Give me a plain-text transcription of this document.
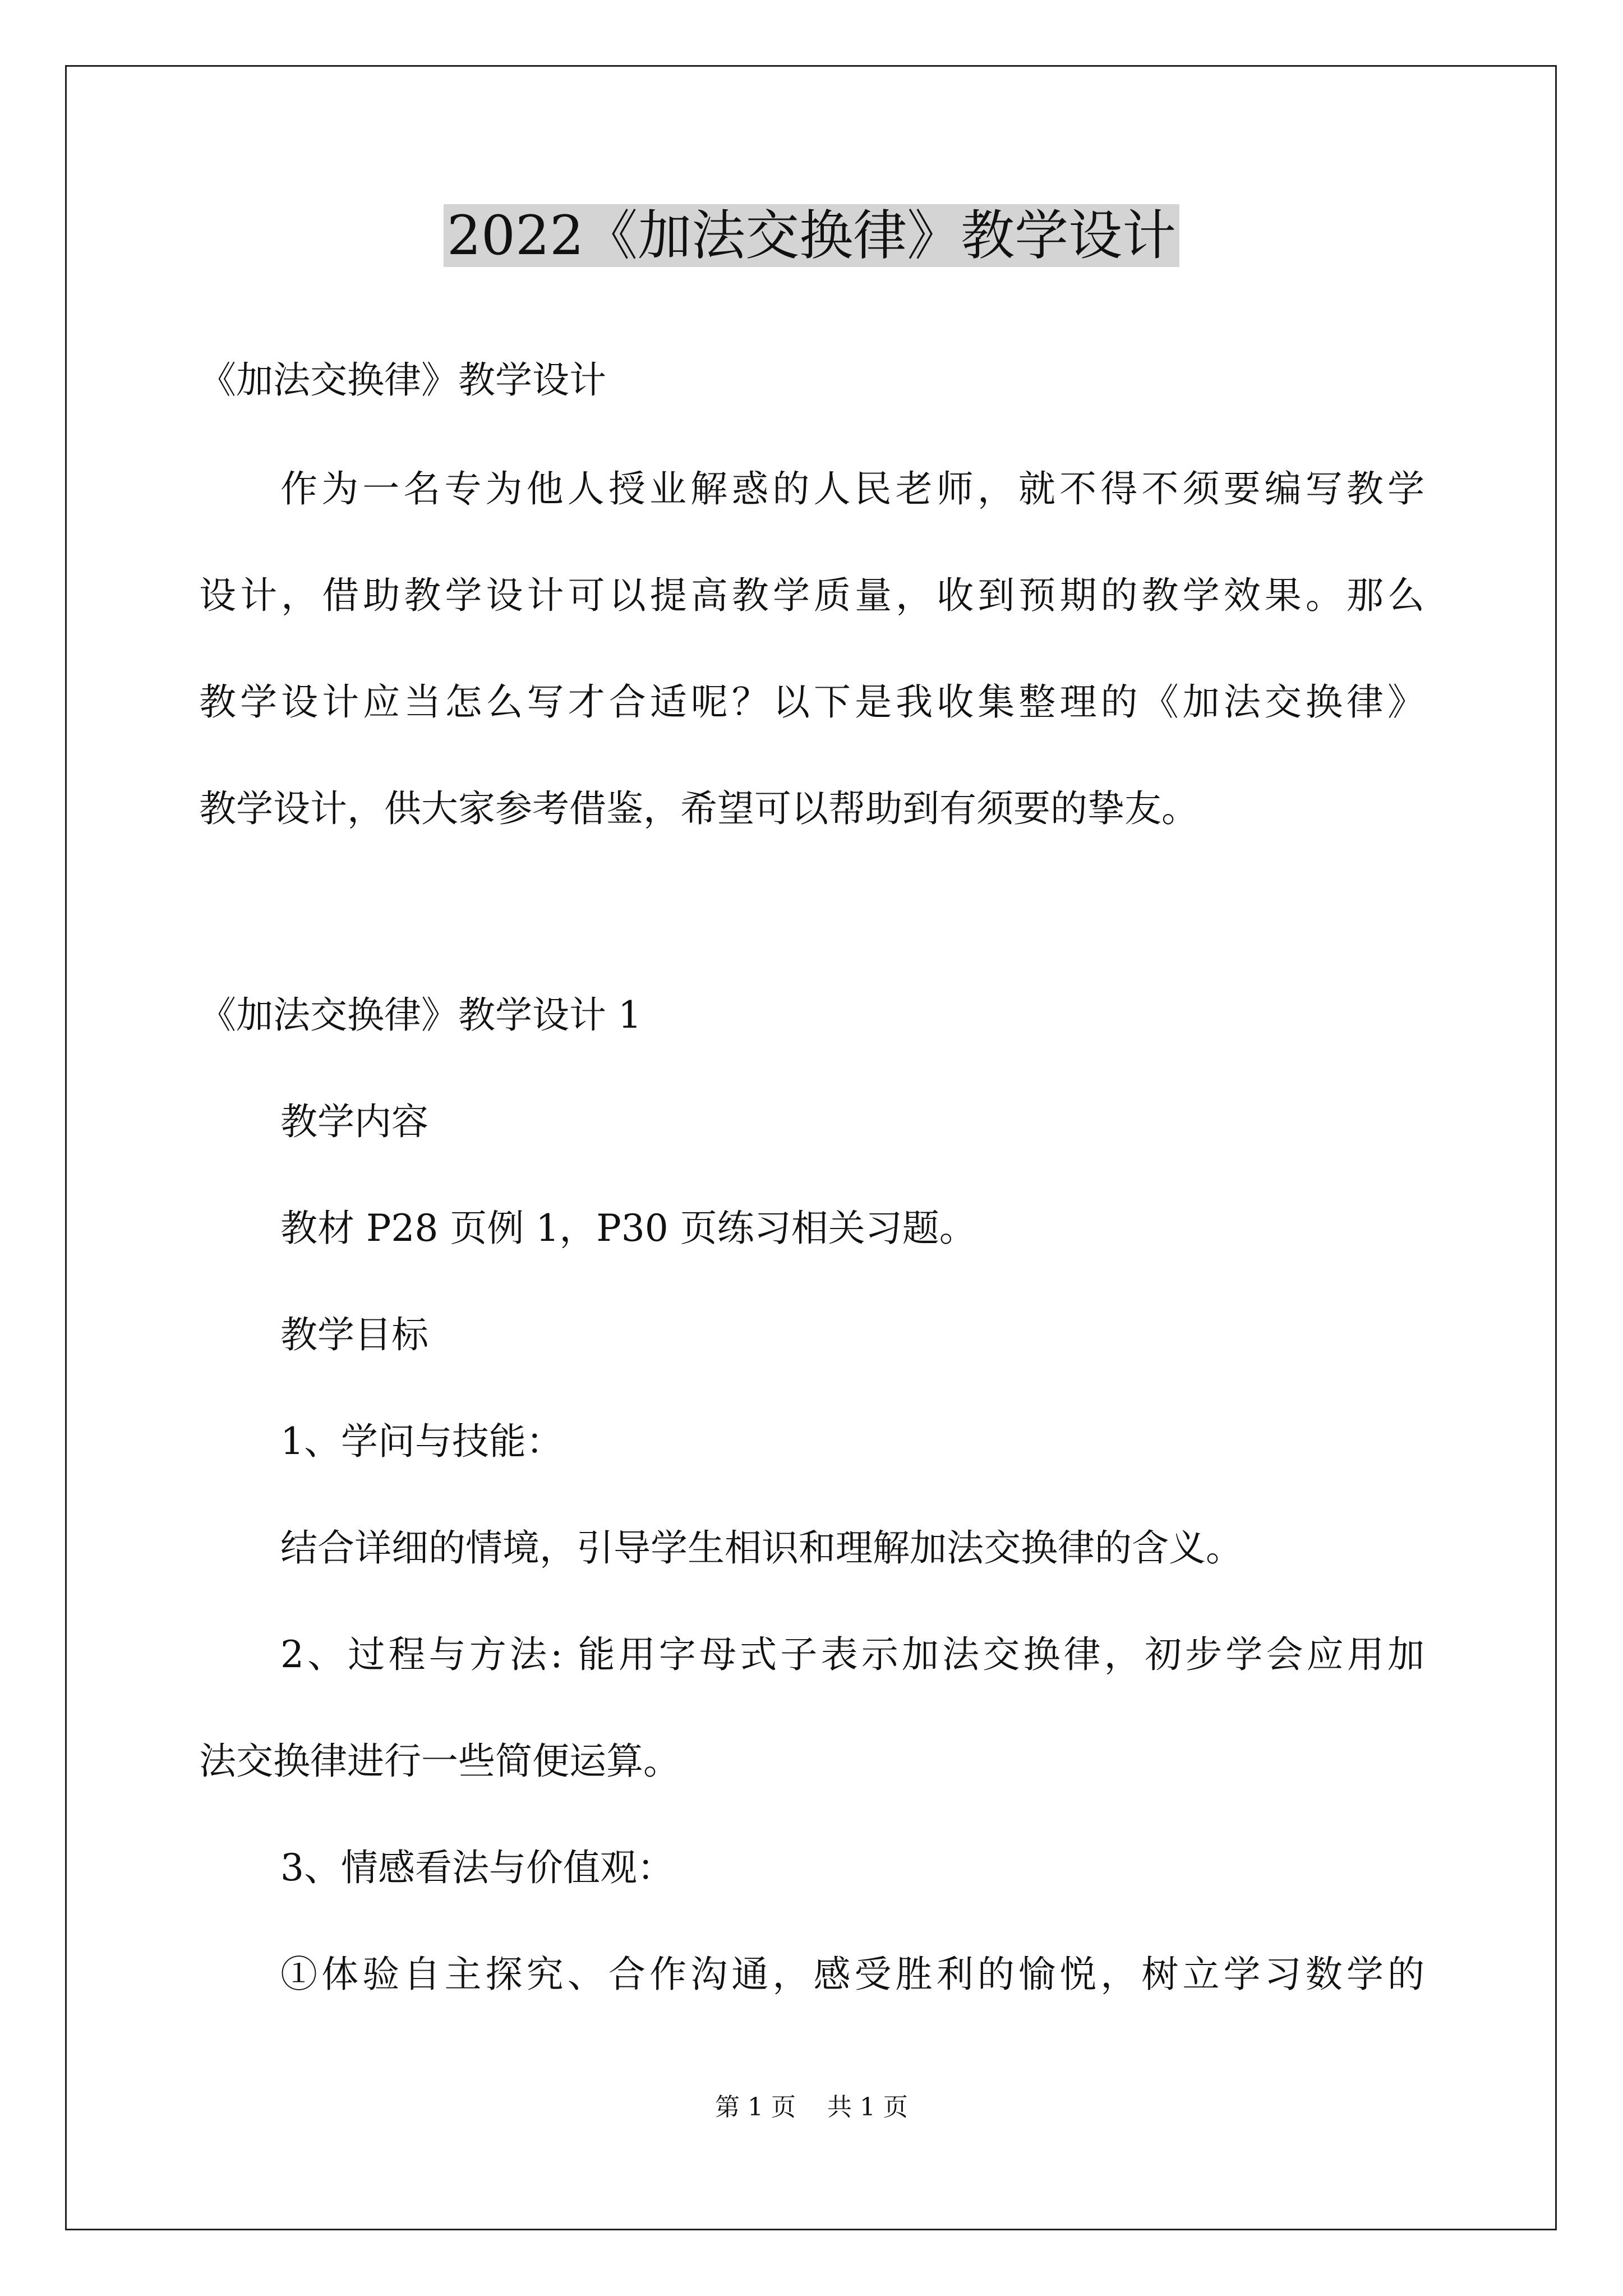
2022《加法交换律》教学设计
《加法交换律》教学设计
作为一名专为他人授业解惑的人民老师，就不得不须要编写教学
设计，借助教学设计可以提高教学质量，收到预期的教学效果。那么
教学设计应当怎么写才合适呢？以下是我收集整理的《加法交换律》
教学设计，供大家参考借鉴，希望可以帮助到有须要的挚友。
《加法交换律》教学设计 1
教学内容
教材 P28 页例 1，P30 页练习相关习题。
教学目标
1、学问与技能：
结合详细的情境，引导学生相识和理解加法交换律的含义。
2、过程与方法: 能用字母式子表示加法交换律，初步学会应用加
法交换律进行一些简便运算。
3、情感看法与价值观：
①体验自主探究、合作沟通，感受胜利的愉悦，树立学习数学的
第 1 页    共 1 页
